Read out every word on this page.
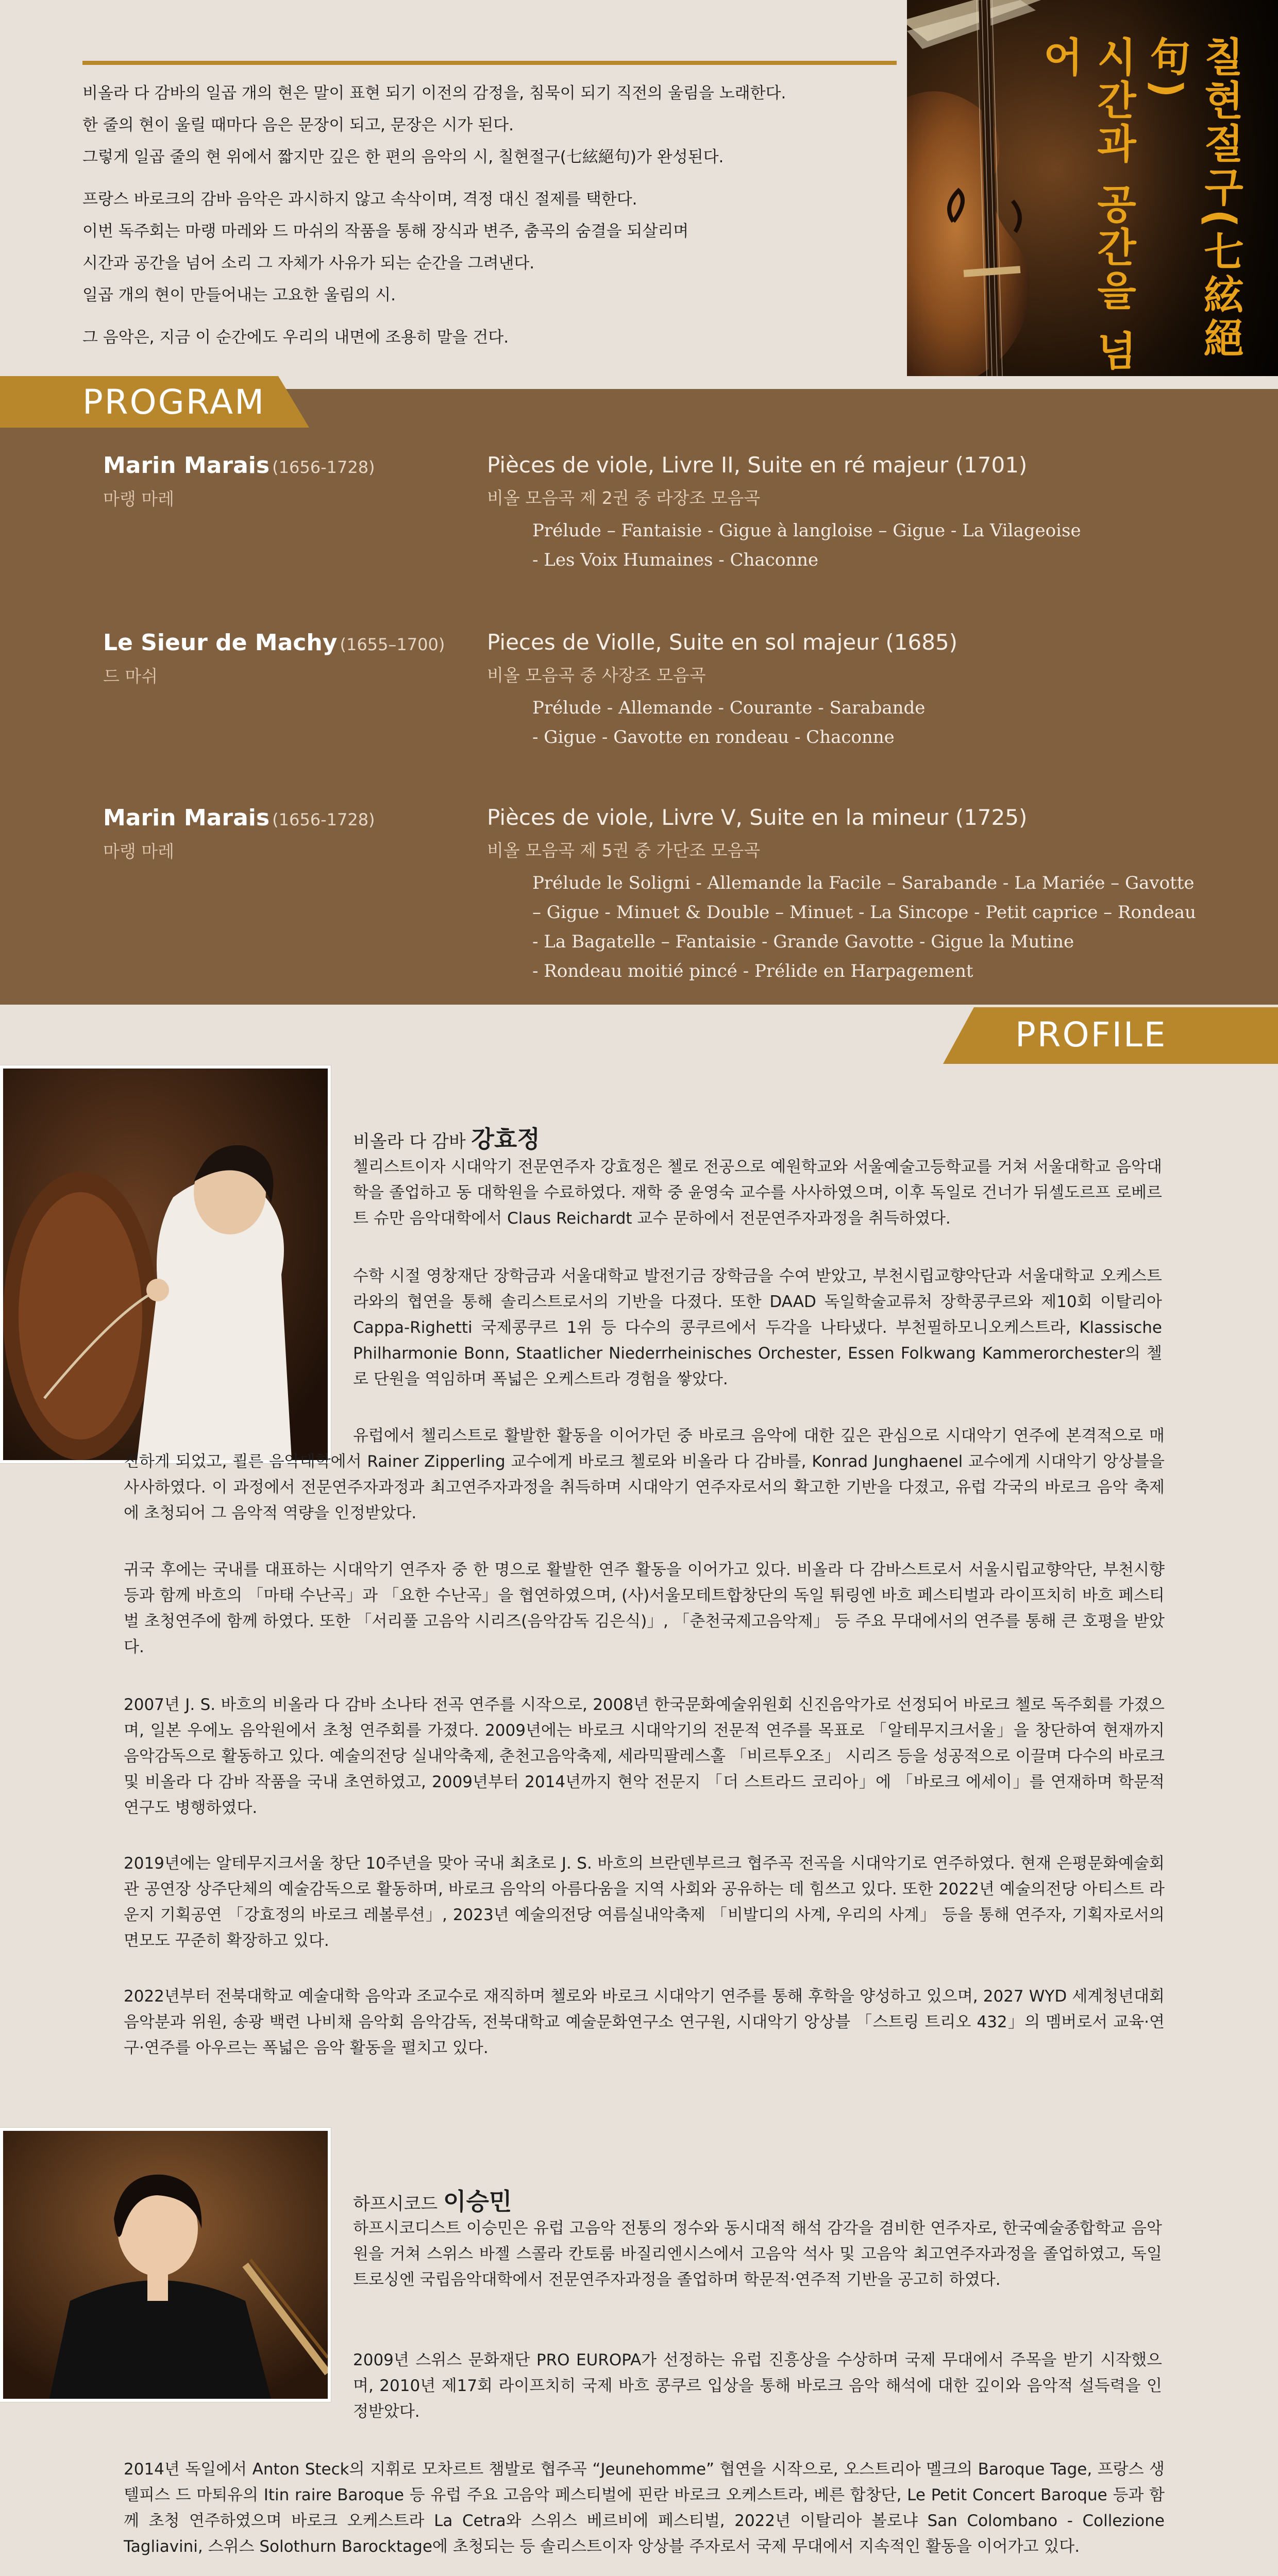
비올라 다 감바의 일곱 개의 현은 말이 표현 되기 이전의 감정을, 침묵이 되기 직전의 울림을 노래한다.
한 줄의 현이 울릴 때마다 음은 문장이 되고, 문장은 시가 된다.
그렇게 일곱 줄의 현 위에서 짧지만 깊은 한 편의 음악의 시, 칠현절구(七絃絕句)가 완성된다.

프랑스 바로크의 감바 음악은 과시하지 않고 속삭이며, 격정 대신 절제를 택한다.
이번 독주회는 마랭 마레와 드 마쉬의 작품을 통해 장식과 변주, 춤곡의 숨결을 되살리며
시간과 공간을 넘어 소리 그 자체가 사유가 되는 순간을 그려낸다.
일곱 개의 현이 만들어내는 고요한 울림의 시.

그 음악은, 지금 이 순간에도 우리의 내면에 조용히 말을 건다.	칠현절구(七絃絕句)
시간과 공간을 넘어
PROGRAM
Marin Marais (1656-1728)
마랭 마레
Pièces de viole, Livre II, Suite en ré majeur (1701)
비올 모음곡 제 2권 중 라장조 모음곡
Prélude – Fantaisie - Gigue à langloise – Gigue - La Vilageoise
- Les Voix Humaines - Chaconne
Le Sieur de Machy (1655–1700)
드 마쉬
Pieces de Violle, Suite en sol majeur (1685)
비올 모음곡 중 사장조 모음곡
Prélude - Allemande - Courante - Sarabande
- Gigue - Gavotte en rondeau - Chaconne
Marin Marais (1656-1728)
마랭 마레
Pièces de viole, Livre V, Suite en la mineur (1725)
비올 모음곡 제 5권 중 가단조 모음곡
Prélude le Soligni - Allemande la Facile – Sarabande - La Mariée – Gavotte
– Gigue - Minuet & Double – Minuet - La Sincope - Petit caprice – Rondeau
- La Bagatelle – Fantaisie - Grande Gavotte - Gigue la Mutine
- Rondeau moitié pincé - Prélide en Harpagement
PROFILE
비올라 다 감바 강효정
첼리스트이자 시대악기 전문연주자 강효정은 첼로 전공으로 예원학교와 서울예술고등학교를 거쳐 서울대학교 음악대학을 졸업하고 동 대학원을 수료하였다. 재학 중 윤영숙 교수를 사사하였으며, 이후 독일로 건너가 뒤셀도르프 로베르트 슈만 음악대학에서 Claus Reichardt 교수 문하에서 전문연주자과정을 취득하였다.
수학 시절 영창재단 장학금과 서울대학교 발전기금 장학금을 수여 받았고, 부천시립교향악단과 서울대학교 오케스트라와의 협연을 통해 솔리스트로서의 기반을 다졌다. 또한 DAAD 독일학술교류처 장학콩쿠르와 제10회 이탈리아 Cappa-Righetti 국제콩쿠르 1위 등 다수의 콩쿠르에서 두각을 나타냈다. 부천필하모니오케스트라, Klassische Philharmonie Bonn, Staatlicher Niederrheinisches Orchester, Essen Folkwang Kammerorchester의 첼로 단원을 역임하며 폭넓은 오케스트라 경험을 쌓았다.
유럽에서 첼리스트로 활발한 활동을 이어가던 중 바로크 음악에 대한 깊은 관심으로 시대악기 연주에 본격적으로 매진하게 되었고, 쾰른 음악대학에서 Rainer Zipperling 교수에게 바로크 첼로와 비올라 다 감바를, Konrad Junghaenel 교수에게 시대악기 앙상블을 사사하였다. 이 과정에서 전문연주자과정과 최고연주자과정을 취득하며 시대악기 연주자로서의 확고한 기반을 다졌고, 유럽 각국의 바로크 음악 축제에 초청되어 그 음악적 역량을 인정받았다.
귀국 후에는 국내를 대표하는 시대악기 연주자 중 한 명으로 활발한 연주 활동을 이어가고 있다. 비올라 다 감바스트로서 서울시립교향악단, 부천시향 등과 함께 바흐의 「마태 수난곡」과 「요한 수난곡」을 협연하였으며, (사)서울모테트합창단의 독일 튀링엔 바흐 페스티벌과 라이프치히 바흐 페스티벌 초청연주에 함께 하였다. 또한 「서리풀 고음악 시리즈(음악감독 김은식)」, 「춘천국제고음악제」 등 주요 무대에서의 연주를 통해 큰 호평을 받았다.
2007년 J. S. 바흐의 비올라 다 감바 소나타 전곡 연주를 시작으로, 2008년 한국문화예술위원회 신진음악가로 선정되어 바로크 첼로 독주회를 가졌으며, 일본 우에노 음악원에서 초청 연주회를 가졌다. 2009년에는 바로크 시대악기의 전문적 연주를 목표로 「알테무지크서울」을 창단하여 현재까지 음악감독으로 활동하고 있다. 예술의전당 실내악축제, 춘천고음악축제, 세라믹팔레스홀 「비르투오조」 시리즈 등을 성공적으로 이끌며 다수의 바로크 및 비올라 다 감바 작품을 국내 초연하였고, 2009년부터 2014년까지 현악 전문지 「더 스트라드 코리아」에 「바로크 에세이」를 연재하며 학문적 연구도 병행하였다.
2019년에는 알테무지크서울 창단 10주년을 맞아 국내 최초로 J. S. 바흐의 브란덴부르크 협주곡 전곡을 시대악기로 연주하였다. 현재 은평문화예술회관 공연장 상주단체의 예술감독으로 활동하며, 바로크 음악의 아름다움을 지역 사회와 공유하는 데 힘쓰고 있다. 또한 2022년 예술의전당 아티스트 라운지 기획공연 「강효정의 바로크 레볼루션」, 2023년 예술의전당 여름실내악축제 「비발디의 사계, 우리의 사계」 등을 통해 연주자, 기획자로서의 면모도 꾸준히 확장하고 있다.
2022년부터 전북대학교 예술대학 음악과 조교수로 재직하며 첼로와 바로크 시대악기 연주를 통해 후학을 양성하고 있으며, 2027 WYD 세계청년대회 음악분과 위원, 송광 백련 나비채 음악회 음악감독, 전북대학교 예술문화연구소 연구원, 시대악기 앙상블 「스트링 트리오 432」의 멤버로서 교육·연구·연주를 아우르는 폭넓은 음악 활동을 펼치고 있다.
하프시코드 이승민
하프시코디스트 이승민은 유럽 고음악 전통의 정수와 동시대적 해석 감각을 겸비한 연주자로, 한국예술종합학교 음악원을 거쳐 스위스 바젤 스콜라 칸토룸 바질리엔시스에서 고음악 석사 및 고음악 최고연주자과정을 졸업하였고, 독일 트로싱엔 국립음악대학에서 전문연주자과정을 졸업하며 학문적·연주적 기반을 공고히 하였다.
2009년 스위스 문화재단 PRO EUROPA가 선정하는 유럽 진흥상을 수상하며 국제 무대에서 주목을 받기 시작했으며, 2010년 제17회 라이프치히 국제 바흐 콩쿠르 입상을 통해 바로크 음악 해석에 대한 깊이와 음악적 설득력을 인정받았다.
2014년 독일에서 Anton Steck의 지휘로 모차르트 챔발로 협주곡 “Jeunehomme” 협연을 시작으로, 오스트리아 멜크의 Baroque Tage, 프랑스 생텔피스 드 마퇴유의 Itin raire Baroque 등 유럽 주요 고음악 페스티벌에 핀란 바로크 오케스트라, 베른 합창단, Le Petit Concert Baroque 등과 함께 초청 연주하였으며 바로크 오케스트라 La Cetra와 스위스 베르비에 페스티벌, 2022년 이탈리아 볼로냐 San Colombano - Collezione Tagliavini, 스위스 Solothurn Barocktage에 초청되는 등 솔리스트이자 앙상블 주자로서 국제 무대에서 지속적인 활동을 이어가고 있다.
